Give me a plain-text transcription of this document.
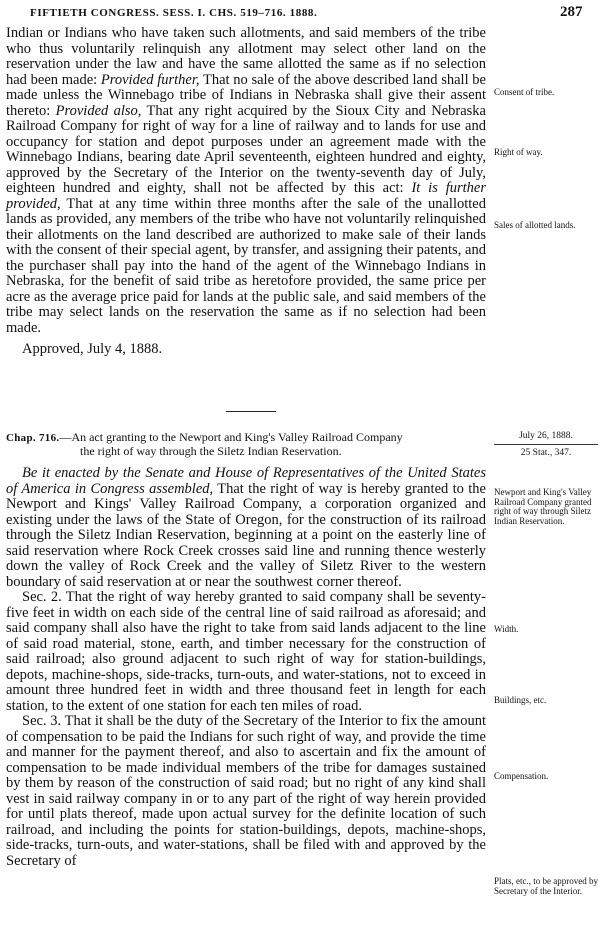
FIFTIETH CONGRESS. SESS. I. CHS. 519–716. 1888.	287

Indian or Indians who have taken such allotments, and said members of the tribe who thus voluntarily relinquish any allotment may select other land on the reservation under the law and have the same allotted the same as if no selection had been made: Provided further, That no sale of the above described land shall be made unless the Winnebago tribe of Indians in Nebraska shall give their assent thereto: Provided also, That any right acquired by the Sioux City and Nebraska Railroad Company for right of way for a line of railway and to lands for use and occupancy for station and depot purposes under an agreement made with the Winnebago Indians, bearing date April seventeenth, eighteen hundred and eighty, approved by the Secretary of the Interior on the twenty-seventh day of July, eighteen hundred and eighty, shall not be affected by this act: It is further provided, That at any time within three months after the sale of the unallotted lands as provided, any members of the tribe who have not voluntarily relinquished their allotments on the land described are authorized to make sale of their lands with the consent of their special agent, by transfer, and assigning their patents, and the purchaser shall pay into the hand of the agent of the Winnebago Indians in Nebraska, for the benefit of said tribe as heretofore provided, the same price per acre as the average price paid for lands at the public sale, and said members of the tribe may select lands on the reservation the same as if no selection had been made.

Approved, July 4, 1888.

Chap. 716.—An act granting to the Newport and King's Valley Railroad Company
the right of way through the Siletz Indian Reservation.
July 26, 1888.
25 Stat., 347.

Be it enacted by the Senate and House of Representatives of the United States of America in Congress assembled, That the right of way is hereby granted to the Newport and Kings' Valley Railroad Company, a corporation organized and existing under the laws of the State of Oregon, for the construction of its railroad through the Siletz Indian Reservation, beginning at a point on the easterly line of said reservation where Rock Creek crosses said line and running thence westerly down the valley of Rock Creek and the valley of Siletz River to the western boundary of said reservation at or near the southwest corner thereof.

Sec. 2. That the right of way hereby granted to said company shall be seventy-five feet in width on each side of the central line of said railroad as aforesaid; and said company shall also have the right to take from said lands adjacent to the line of said road material, stone, earth, and timber necessary for the construction of said railroad; also ground adjacent to such right of way for station-buildings, depots, machine-shops, side-tracks, turn-outs, and water-stations, not to exceed in amount three hundred feet in width and three thousand feet in length for each station, to the extent of one station for each ten miles of road.

Sec. 3. That it shall be the duty of the Secretary of the Interior to fix the amount of compensation to be paid the Indians for such right of way, and provide the time and manner for the payment thereof, and also to ascertain and fix the amount of compensation to be made individual members of the tribe for damages sustained by them by reason of the construction of said road; but no right of any kind shall vest in said railway company in or to any part of the right of way herein provided for until plats thereof, made upon actual survey for the definite location of such railroad, and including the points for station-buildings, depots, machine-shops, side-tracks, turn-outs, and water-stations, shall be filed with and approved by the Secretary of

Consent of tribe.
Right of way.
Sales of allotted lands.
Newport and King's Valley Railroad Company granted right of way through Siletz Indian Reservation.
Width.
Buildings, etc.
Compensation.
Plats, etc., to be approved by Secretary of the Interior.
